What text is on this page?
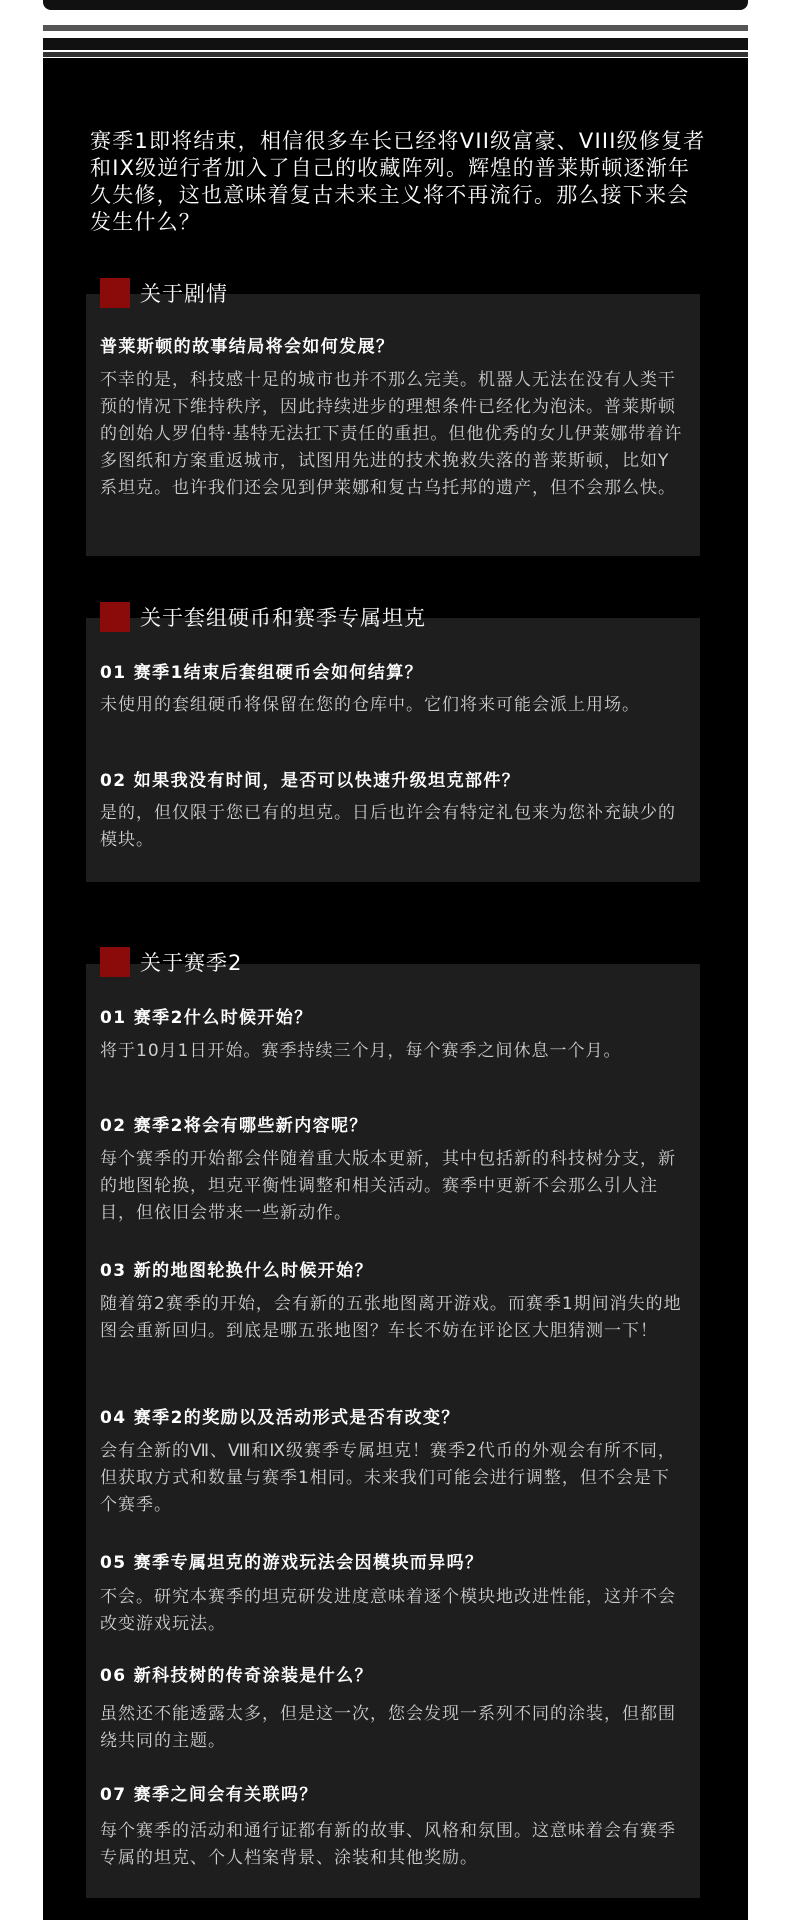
赛季1即将结束，相信很多车长已经将VII级富豪、VIII级修复者和IX级逆行者加入了自己的收藏阵列。辉煌的普莱斯顿逐渐年久失修，这也意味着复古未来主义将不再流行。那么接下来会发生什么？

关于剧情

普莱斯顿的故事结局将会如何发展？

不幸的是，科技感十足的城市也并不那么完美。机器人无法在没有人类干预的情况下维持秩序，因此持续进步的理想条件已经化为泡沫。普莱斯顿的创始人罗伯特·基特无法扛下责任的重担。但他优秀的女儿伊莱娜带着许多图纸和方案重返城市，试图用先进的技术挽救失落的普莱斯顿，比如Y系坦克。也许我们还会见到伊莱娜和复古乌托邦的遗产，但不会那么快。

关于套组硬币和赛季专属坦克

01 赛季1结束后套组硬币会如何结算？

未使用的套组硬币将保留在您的仓库中。它们将来可能会派上用场。

02 如果我没有时间，是否可以快速升级坦克部件？

是的，但仅限于您已有的坦克。日后也许会有特定礼包来为您补充缺少的模块。

关于赛季2

01 赛季2什么时候开始？

将于10月1日开始。赛季持续三个月，每个赛季之间休息一个月。

02 赛季2将会有哪些新内容呢？

每个赛季的开始都会伴随着重大版本更新，其中包括新的科技树分支，新的地图轮换，坦克平衡性调整和相关活动。赛季中更新不会那么引人注目，但依旧会带来一些新动作。

03 新的地图轮换什么时候开始？

随着第2赛季的开始，会有新的五张地图离开游戏。而赛季1期间消失的地图会重新回归。到底是哪五张地图？车长不妨在评论区大胆猜测一下！

04 赛季2的奖励以及活动形式是否有改变？

会有全新的Ⅶ、Ⅷ和Ⅸ级赛季专属坦克！赛季2代币的外观会有所不同，但获取方式和数量与赛季1相同。未来我们可能会进行调整，但不会是下个赛季。

05 赛季专属坦克的游戏玩法会因模块而异吗？

不会。研究本赛季的坦克研发进度意味着逐个模块地改进性能，这并不会改变游戏玩法。

06 新科技树的传奇涂装是什么？

虽然还不能透露太多，但是这一次，您会发现一系列不同的涂装，但都围绕共同的主题。

07 赛季之间会有关联吗？

每个赛季的活动和通行证都有新的故事、风格和氛围。这意味着会有赛季专属的坦克、个人档案背景、涂装和其他奖励。
